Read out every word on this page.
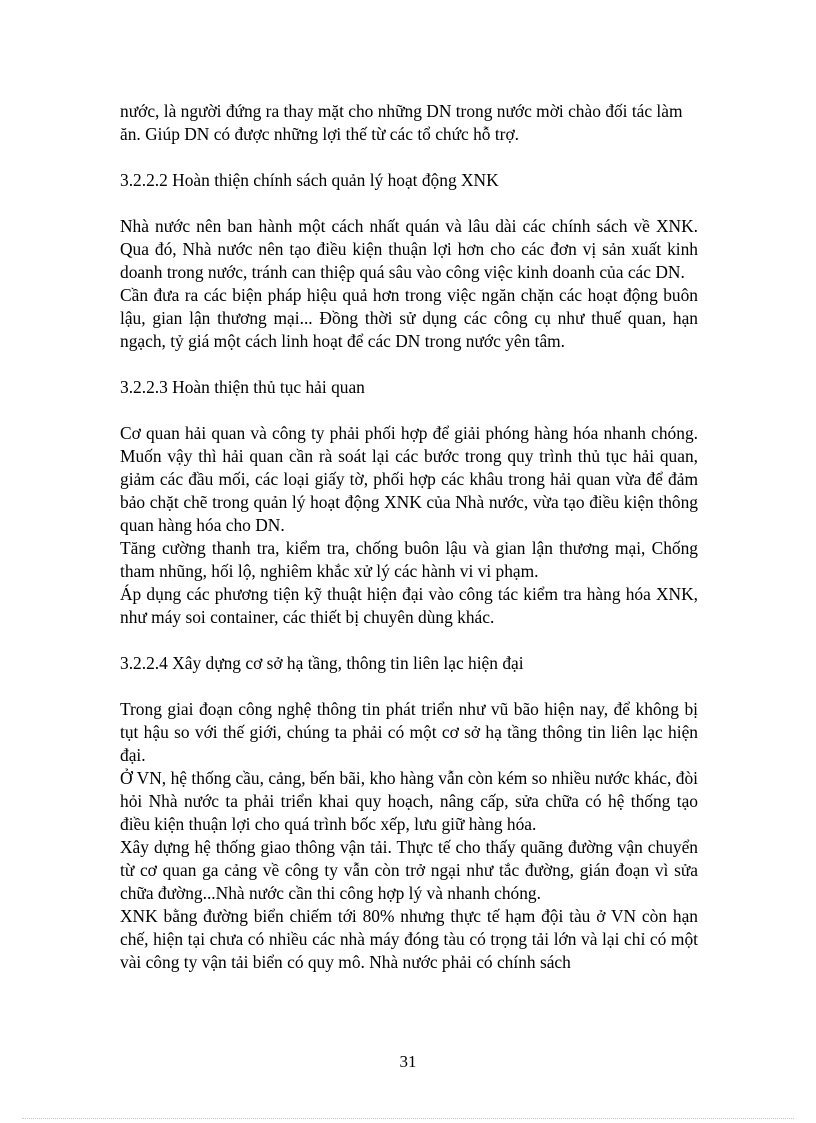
nước, là người đứng ra thay mặt cho những DN trong nước mời chào đối tác làm ăn. Giúp DN có được những lợi thế từ các tổ chức hỗ trợ.

3.2.2.2 Hoàn thiện chính sách quản lý hoạt động XNK

Nhà nước nên ban hành một cách nhất quán và lâu dài các chính sách về XNK. Qua đó, Nhà nước nên tạo điều kiện thuận lợi hơn cho các đơn vị sản xuất kinh doanh trong nước, tránh can thiệp quá sâu vào công việc kinh doanh của các DN.

Cần đưa ra các biện pháp hiệu quả hơn trong việc ngăn chặn các hoạt động buôn lậu, gian lận thương mại... Đồng thời sử dụng các công cụ như thuế quan, hạn ngạch, tỷ giá một cách linh hoạt để các DN trong nước yên tâm.

3.2.2.3 Hoàn thiện thủ tục hải quan

Cơ quan hải quan và công ty phải phối hợp để giải phóng hàng hóa nhanh chóng. Muốn vậy thì hải quan cần rà soát lại các bước trong quy trình thủ tục hải quan, giảm các đầu mối, các loại giấy tờ, phối hợp các khâu trong hải quan vừa để đảm bảo chặt chẽ trong quản lý hoạt động XNK của Nhà nước, vừa tạo điều kiện thông quan hàng hóa cho DN.

Tăng cường thanh tra, kiểm tra, chống buôn lậu và gian lận thương mại, Chống tham nhũng, hối lộ, nghiêm khắc xử lý các hành vi vi phạm.

Áp dụng các phương tiện kỹ thuật hiện đại vào công tác kiểm tra hàng hóa XNK, như máy soi container, các thiết bị chuyên dùng khác.

3.2.2.4 Xây dựng cơ sở hạ tầng, thông tin liên lạc hiện đại

Trong giai đoạn công nghệ thông tin phát triển như vũ bão hiện nay, để không bị tụt hậu so với thế giới, chúng ta phải có một cơ sở hạ tầng thông tin liên lạc hiện đại.

Ở VN, hệ thống cầu, cảng, bến bãi, kho hàng vẫn còn kém so nhiều nước khác, đòi hỏi Nhà nước ta phải triển khai quy hoạch, nâng cấp, sửa chữa có hệ thống tạo điều kiện thuận lợi cho quá trình bốc xếp, lưu giữ hàng hóa.

Xây dựng hệ thống giao thông vận tải. Thực tế cho thấy quãng đường vận chuyển từ cơ quan ga cảng về công ty vẫn còn trở ngại như tắc đường, gián đoạn vì sửa chữa đường...Nhà nước cần thi công hợp lý và nhanh chóng.

XNK bằng đường biển chiếm tới 80% nhưng thực tế hạm đội tàu ở VN còn hạn chế, hiện tại chưa có nhiều các nhà máy đóng tàu có trọng tải lớn và lại chỉ có một vài công ty vận tải biển có quy mô. Nhà nước phải có chính sách

31
